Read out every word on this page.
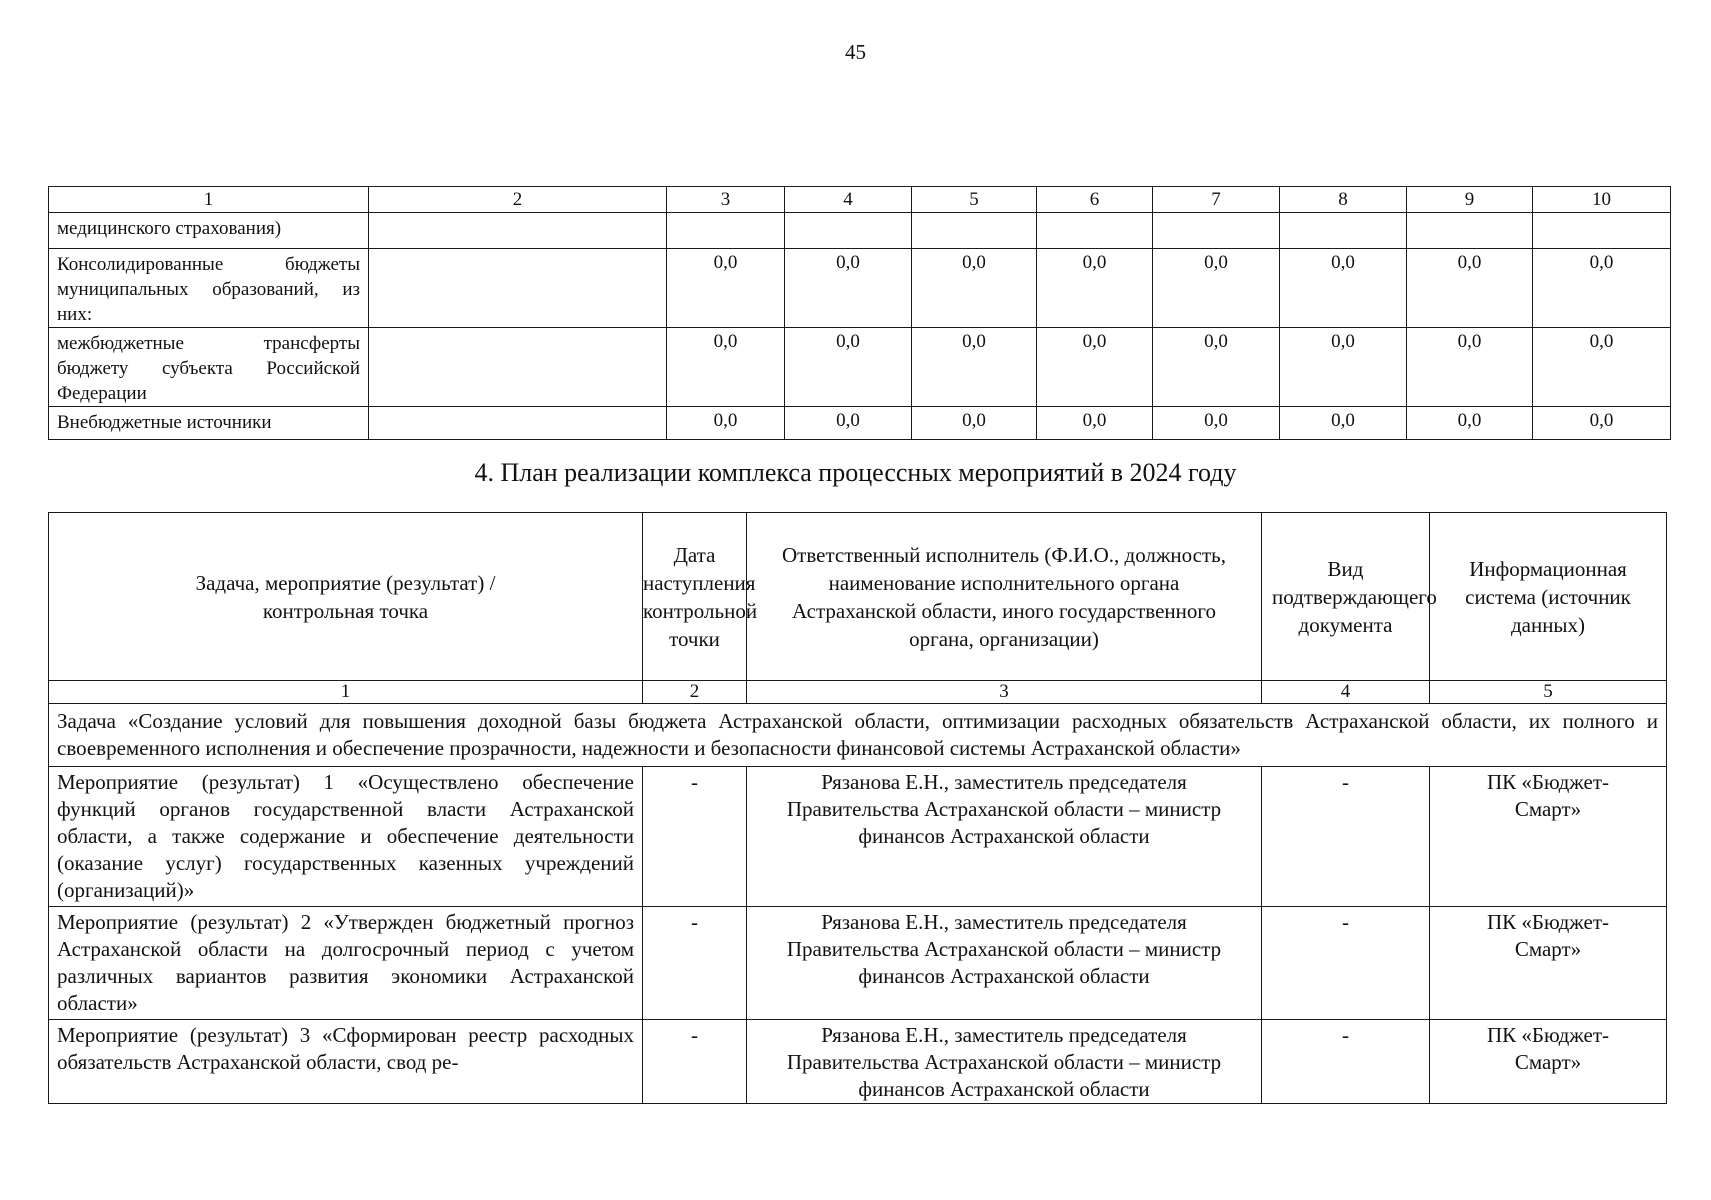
45
1	2	3	4	5	6	7	8	9	10
медицинского страхования)									
Консолидированные бюджеты муниципальных образований, из них:		0,0	0,0	0,0	0,0	0,0	0,0	0,0	0,0
межбюджетные трансферты бюджету субъекта Российской Федерации		0,0	0,0	0,0	0,0	0,0	0,0	0,0	0,0
Внебюджетные источники		0,0	0,0	0,0	0,0	0,0	0,0	0,0	0,0
4. План реализации комплекса процессных мероприятий в 2024 году
Задача, мероприятие (результат) / контрольная точка	Дата наступления контрольной точки	Ответственный исполнитель (Ф.И.О., должность, наименование исполнительного органа Астраханской области, иного государственного органа, организации)	Вид подтверждающего документа	Информационная система (источник данных)
1	2	3	4	5
Задача «Создание условий для повышения доходной базы бюджета Астраханской области, оптимизации расходных обязательств Астраханской области, их полного и своевременного исполнения и обеспечение прозрачности, надежности и безопасности финансовой системы Астраханской области»				
Мероприятие (результат) 1 «Осуществлено обеспечение функций органов государственной власти Астраханской области, а также содержание и обеспечение деятельности (оказание услуг) государственных казенных учреждений (организаций)»	-	Рязанова Е.Н., заместитель председателя Правительства Астраханской области – министр финансов Астраханской области	-	ПК «Бюджет-Смарт»
Мероприятие (результат) 2 «Утвержден бюджетный прогноз Астраханской области на долгосрочный период с учетом различных вариантов развития экономики Астраханской области»	-	Рязанова Е.Н., заместитель председателя Правительства Астраханской области – министр финансов Астраханской области	-	ПК «Бюджет-Смарт»
Мероприятие (результат) 3 «Сформирован реестр расходных обязательств Астраханской области, свод ре-	-	Рязанова Е.Н., заместитель председателя Правительства Астраханской области – министр финансов Астраханской области	-	ПК «Бюджет-Смарт»
